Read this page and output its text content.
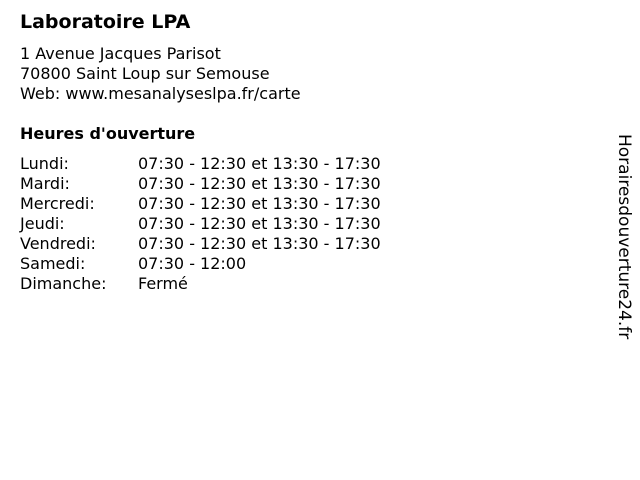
Laboratoire LPA
1 Avenue Jacques Parisot
70800 Saint Loup sur Semouse
Web: www.mesanalyseslpa.fr/carte
Heures d'ouverture
Lundi:	07:30 - 12:30 et 13:30 - 17:30
Mardi:	07:30 - 12:30 et 13:30 - 17:30
Mercredi:	07:30 - 12:30 et 13:30 - 17:30
Jeudi:	07:30 - 12:30 et 13:30 - 17:30
Vendredi:	07:30 - 12:30 et 13:30 - 17:30
Samedi:	07:30 - 12:00
Dimanche:	Fermé	Horairesdouverture24.fr
